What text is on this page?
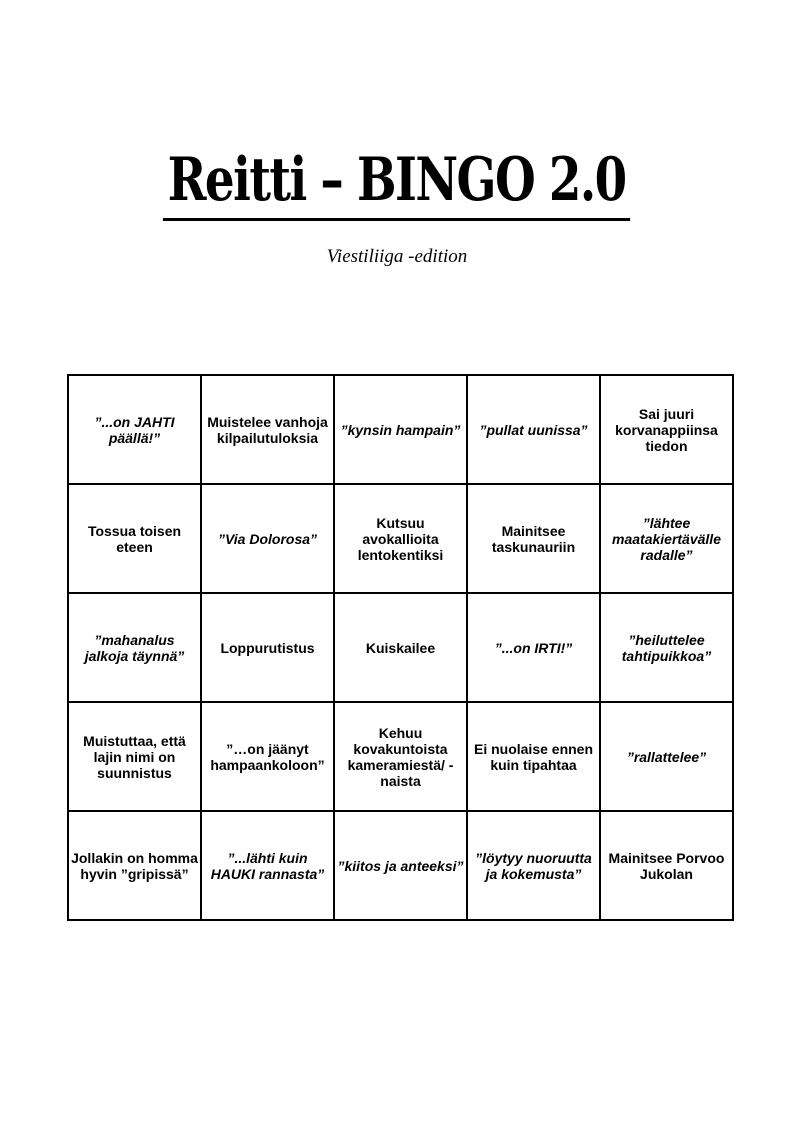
Reitti – BINGO 2.0

Viestiliiga -edition

”...on JAHTI päällä!”	Muistelee vanhoja kilpailutuloksia	”kynsin hampain”	”pullat uunissa”	Sai juuri korvanappiinsa tiedon
Tossua toisen eteen	”Via Dolorosa”	Kutsuu avokallioita lentokentiksi	Mainitsee taskunauriin	”lähtee maatakiertävälle radalle”
”mahanalus jalkoja täynnä”	Loppurutistus	Kuiskailee	”...on IRTI!”	”heiluttelee tahtipuikkoa”
Muistuttaa, että lajin nimi on suunnistus	”…on jäänyt hampaankoloon”	Kehuu kovakuntoista kameramiestä/ -naista	Ei nuolaise ennen kuin tipahtaa	”rallattelee”
Jollakin on homma hyvin ”gripissä”	”...lähti kuin HAUKI rannasta”	”kiitos ja anteeksi”	”löytyy nuoruutta ja kokemusta”	Mainitsee Porvoo Jukolan
